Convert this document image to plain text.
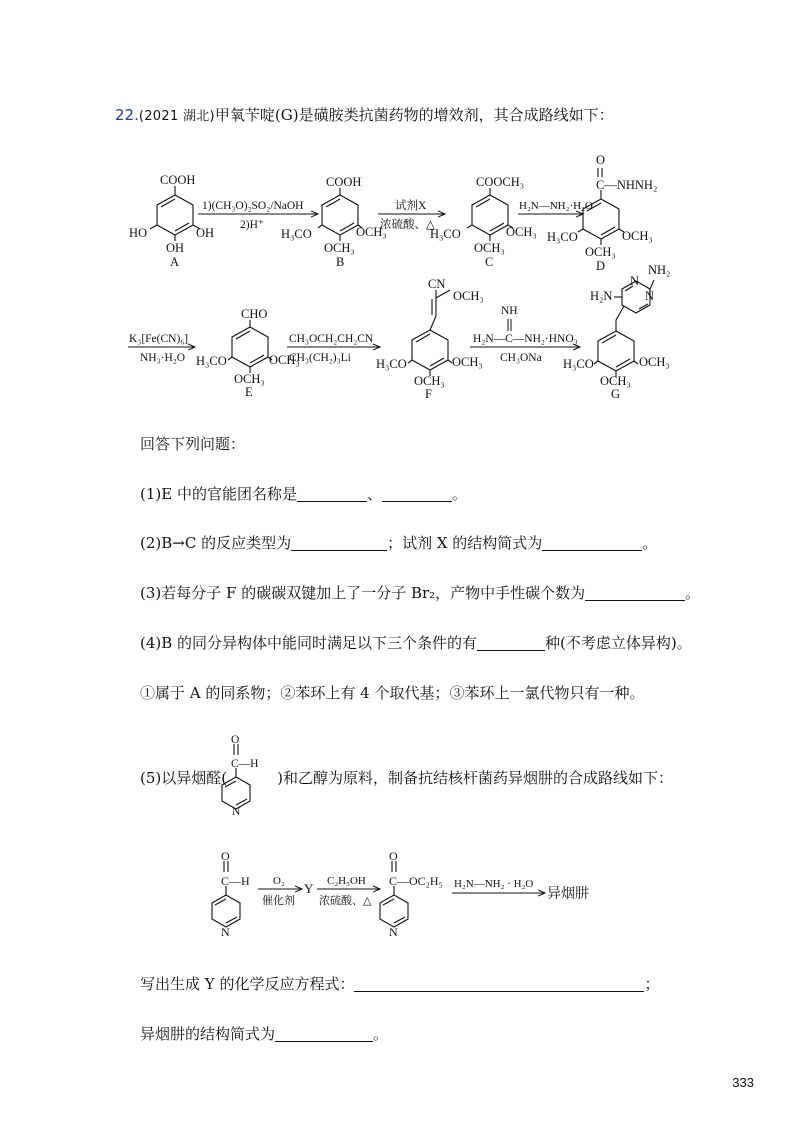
22.(2021 湖北)甲氧苄啶(G)是磺胺类抗菌药物的增效剂，其合成路线如下：
COOH
HO	OH
OH
A
1)(CH₃O)₂SO₂/NaOH
2)H⁺
COOH
H₃CO	OCH₃
OCH₃
B
试剂X
浓硫酸、△
COOCH₃
H₃CO	OCH₃
OCH₃
C
H₂N—NH₂·H₂O
O
C—NHNH₂
H₃CO	OCH₃
OCH₃
D
K₃[Fe(CN)₆]
NH₃·H₂O
CHO
H₃CO	OCH₃
OCH₃
E
CH₃OCH₂CH₂CN
CH₃(CH₂)₃Li
CN
OCH₃
H₃CO	OCH₃
OCH₃
F
NH
H₂N—C—NH₂·HNO₃
CH₃ONa
NH₂
N
N
H₂N
H₃CO	OCH₃
OCH₃
G
回答下列问题：
(1)E 中的官能团名称是	、	。
(2)B→C 的反应类型为	；试剂 X 的结构简式为	。
(3)若每分子 F 的碳碳双键加上了一分子 Br₂，产物中手性碳个数为	。
(4)B 的同分异构体中能同时满足以下三个条件的有	种(不考虑立体异构)。
①属于 A 的同系物；②苯环上有 4 个取代基；③苯环上一氯代物只有一种。
(5)以异烟醛(	)和乙醇为原料，制备抗结核杆菌药异烟肼的合成路线如下：
O
C—H
N
O
C—H
N
O₂
催化剂
Y C₂H₅OH
浓硫酸、△
O
C—OC₂H₅
N
H₂N—NH₂ · H₂O
异烟肼
写出生成 Y 的化学反应方程式：	；
异烟肼的结构简式为	。
333
